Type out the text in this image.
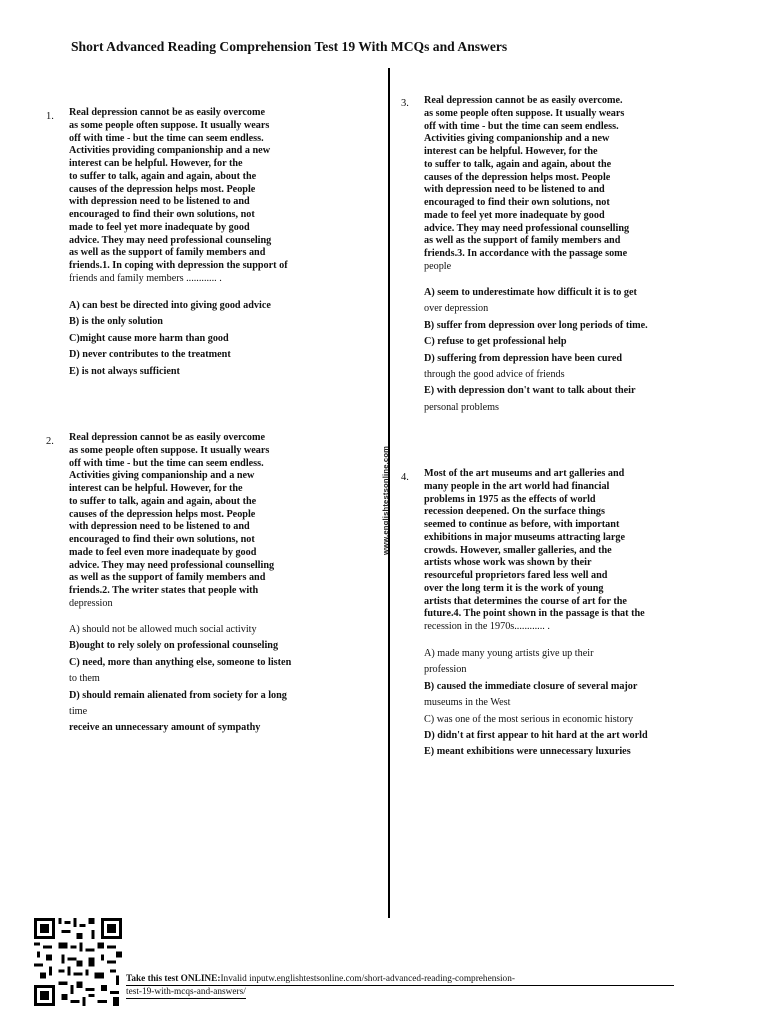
Short Advanced Reading Comprehension Test 19 With MCQs and Answers
1. Real depression cannot be as easily overcome
as some people often suppose. It usually wears
off with time - but the time can seem endless.
Activities providing companionship and a new
interest can be helpful. However, for the
to suffer to talk, again and again, about the
causes of the depression helps most. People
with depression need to be listened to and
encouraged to find their own solutions, not
made to feel yet more inadequate by good
advice. They may need professional counseling
as well as the support of family members and
friends.1. In coping with depression the support of
friends and family members ............ .
A) can best be directed into giving good advice
B) is the only solution
C)might cause more harm than good
D) never contributes to the treatment
E) is not always sufficient
2. Real depression cannot be as easily overcome
as some people often suppose. It usually wears
off with time - but the time can seem endless.
Activities giving companionship and a new
interest can be helpful. However, for the
to suffer to talk, again and again, about the
causes of the depression helps most. People
with depression need to be listened to and
encouraged to find their own solutions, not
made to feel even more inadequate by good
advice. They may need professional counselling
as well as the support of family members and
friends.2. The writer states that people with
depression
A) should not be allowed much social activity
B)ought to rely solely on professional counseling
C) need, more than anything else, someone to listen
to them
D) should remain alienated from society for a long
time
receive an unnecessary amount of sympathy
www.englishtestsonline.com
3. Real depression cannot be as easily overcome.
as some people often suppose. It usually wears
off with time - but the time can seem endless.
Activities giving companionship and a new
interest can be helpful. However, for the
to suffer to talk, again and again, about the
causes of the depression helps most. People
with depression need to be listened to and
encouraged to find their own solutions, not
made to feel yet more inadequate by good
advice. They may need professional counselling
as well as the support of family members and
friends.3. In accordance with the passage some
people
A) seem to underestimate how difficult it is to get
over depression
B) suffer from depression over long periods of time.
C) refuse to get professional help
D) suffering from depression have been cured
through the good advice of friends
E) with depression don't want to talk about their
personal problems
4. Most of the art museums and art galleries and
many people in the art world had financial
problems in 1975 as the effects of world
recession deepened. On the surface things
seemed to continue as before, with important
exhibitions in major museums attracting large
crowds. However, smaller galleries, and the
artists whose work was shown by their
resourceful proprietors fared less well and
over the long term it is the work of young
artists that determines the course of art for the
future.4. The point shown in the passage is that the
recession in the 1970s............ .
A) made many young artists give up their
profession
B) caused the immediate closure of several major
museums in the West
C) was one of the most serious in economic history
D) didn't at first appear to hit hard at the art world
E) meant exhibitions were unnecessary luxuries
Take this test ONLINE:Invalid inputw.englishtestsonline.com/short-advanced-reading-comprehension-
test-19-with-mcqs-and-answers/
